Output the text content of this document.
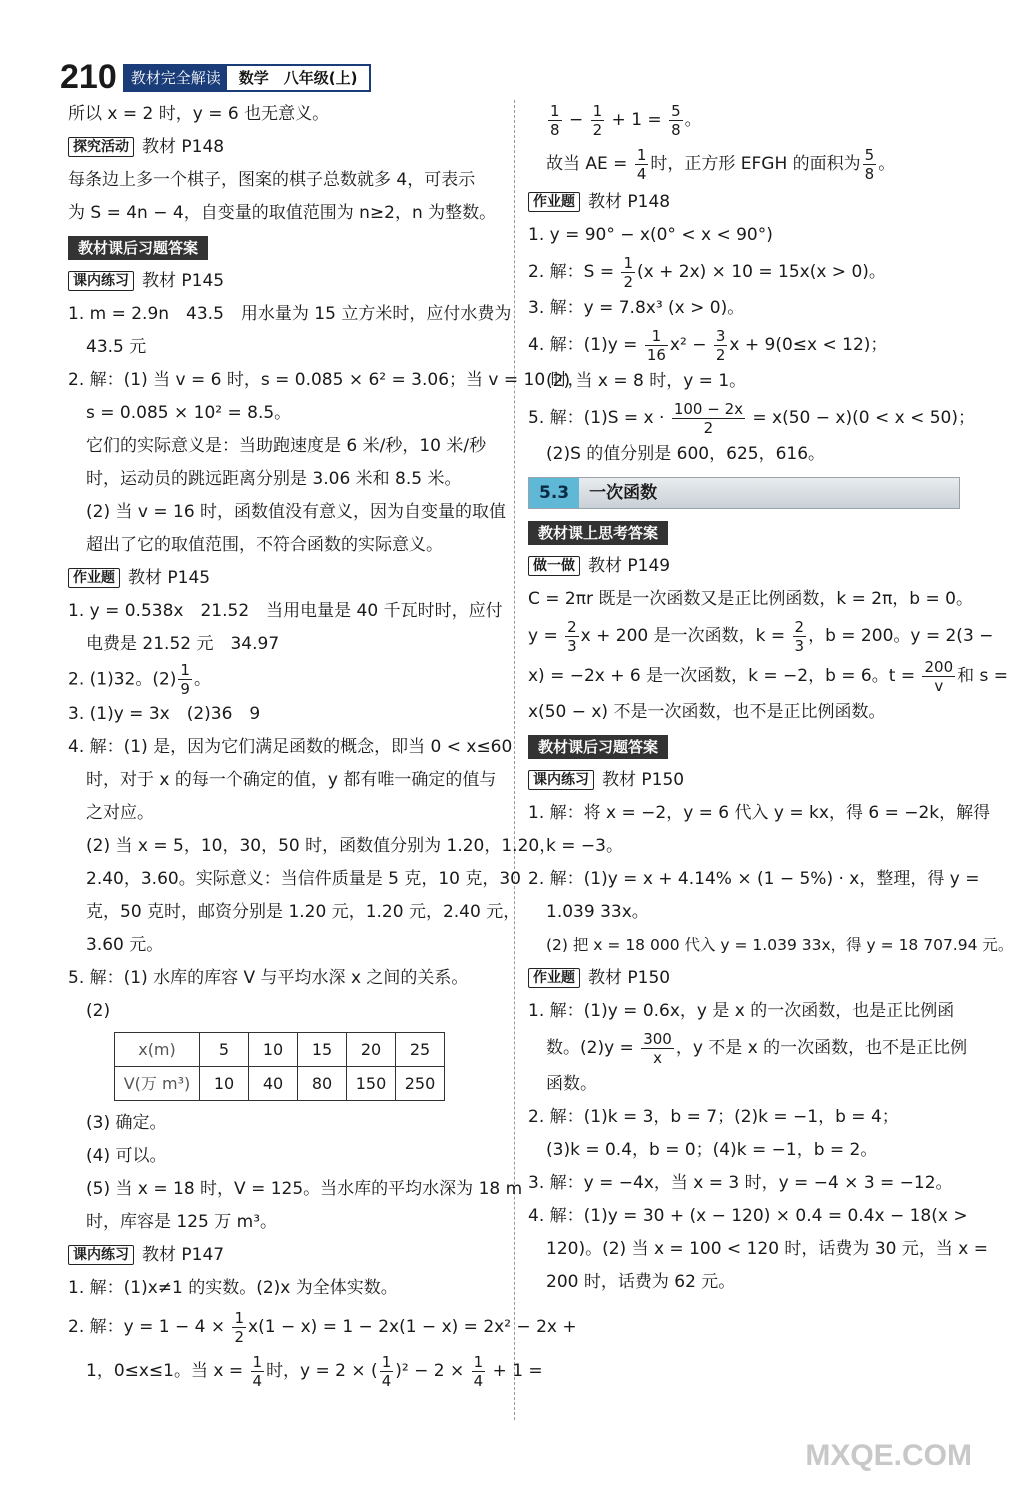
210 教材完全解读	数学　八年级(上)

所以 x = 2 时，y = 6 也无意义。

探究活动 教材 P148

每条边上多一个棋子，图案的棋子总数就多 4，可表示

为 S = 4n − 4，自变量的取值范围为 n≥2，n 为整数。

教材课后习题答案

课内练习 教材 P145

1. m = 2.9n　43.5　用水量为 15 立方米时，应付水费为

43.5 元

2. 解：(1) 当 v = 6 时，s = 0.085 × 6² = 3.06；当 v = 10 时，

s = 0.085 × 10² = 8.5。

它们的实际意义是：当助跑速度是 6 米/秒，10 米/秒

时，运动员的跳远距离分别是 3.06 米和 8.5 米。

(2) 当 v = 16 时，函数值没有意义，因为自变量的取值

超出了它的取值范围，不符合函数的实际意义。

作业题 教材 P145

1. y = 0.538x　21.52　当用电量是 40 千瓦时时，应付

电费是 21.52 元　34.97

2. (1)32。$(2) \frac{1}{9}$ 。

3. (1)y = 3x　(2)36　9

4. 解：(1) 是，因为它们满足函数的概念，即当 0 < x≤60

时，对于 x 的每一个确定的值，y 都有唯一确定的值与

之对应。

(2) 当 x = 5，10，30，50 时，函数值分别为 1.20，1.20，

2.40，3.60。实际意义：当信件质量是 5 克，10 克，30

克，50 克时，邮资分别是 1.20 元，1.20 元，2.40 元，

3.60 元。

5. 解：(1) 水库的库容 V 与平均水深 x 之间的关系。

(2)

x(m)	5	10	15	20	25
V(万 m³)	10	40	80	150	250

(3) 确定。

(4) 可以。

(5) 当 x = 18 时，V = 125。当水库的平均水深为 18 m

时，库容是 125 万 m³。

课内练习 教材 P147

1. 解：(1)x≠1 的实数。(2)x 为全体实数。

2. 解：$y = 1 - 4 \times \frac{1}{2} x(1 - x) = 1 - 2x(1 - x) = 2x^2 - 2x$ +

1，0≤x≤1。当 $x = \frac{1}{4}$ 时，y = 2 × ( $\frac{1}{4} )^2 - 2 \times \frac{1}{4} + 1$ =

$\frac{1}{8} - \frac{1}{2} + 1 = \frac{5}{8}$ 。

故当 AE = $\frac{1}{4}$ 时，正方形 EFGH 的面积为 $\frac{5}{8}$ 。

作业题 教材 P148

1. y = 90° − x(0° < x < 90°)

2. 解：$S = \frac{1}{2} (x + 2x) \times 10 = 15x(x > 0)$。

3. 解：y = 7.8x³ (x > 0)。

4. 解：$(1)y = \frac{1}{16} x^2 - \frac{3}{2}$ x + 9(0≤x < 12)；

(2) 当 x = 8 时，y = 1。

5. 解：$(1)S = x \cdot \frac{100 - 2x}{2} = x(50 - x)(0 < x < 50)$；

(2)S 的值分别是 600，625，616。

5.3	一次函数
教材课上思考答案

做一做 教材 P149

C = 2πr 既是一次函数又是正比例函数，k = 2π，b = 0。

$y = \frac{2}{3}$ x + 200 是一次函数，$k = \frac{2}{3}$ ，b = 200。y = 2(3 −

x) = −2x + 6 是一次函数，k = −2，b = 6。$t = \frac{200}{v}$ 和 s =

x(50 − x) 不是一次函数，也不是正比例函数。

教材课后习题答案

课内练习 教材 P150

1. 解：将 x = −2，y = 6 代入 y = kx，得 6 = −2k，解得

k = −3。

2. 解：(1)y = x + 4.14% × (1 − 5%) · x，整理，得 y =

1.039 33x。

(2) 把 x = 18 000 代入 y = 1.039 33x，得 y = 18 707.94 元。

作业题 教材 P150

1. 解：(1)y = 0.6x，y 是 x 的一次函数，也是正比例函

数。$(2)y = \frac{300}{x}$ ，y 不是 x 的一次函数，也不是正比例

函数。

2. 解：(1)k = 3，b = 7；(2)k = −1，b = 4；

(3)k = 0.4，b = 0；(4)k = −1，b = 2。

3. 解：y = −4x，当 x = 3 时，y = −4 × 3 = −12。

4. 解：(1)y = 30 + (x − 120) × 0.4 = 0.4x − 18(x >

120)。(2) 当 x = 100 < 120 时，话费为 30 元，当 x =

200 时，话费为 62 元。

MXQE.COM
